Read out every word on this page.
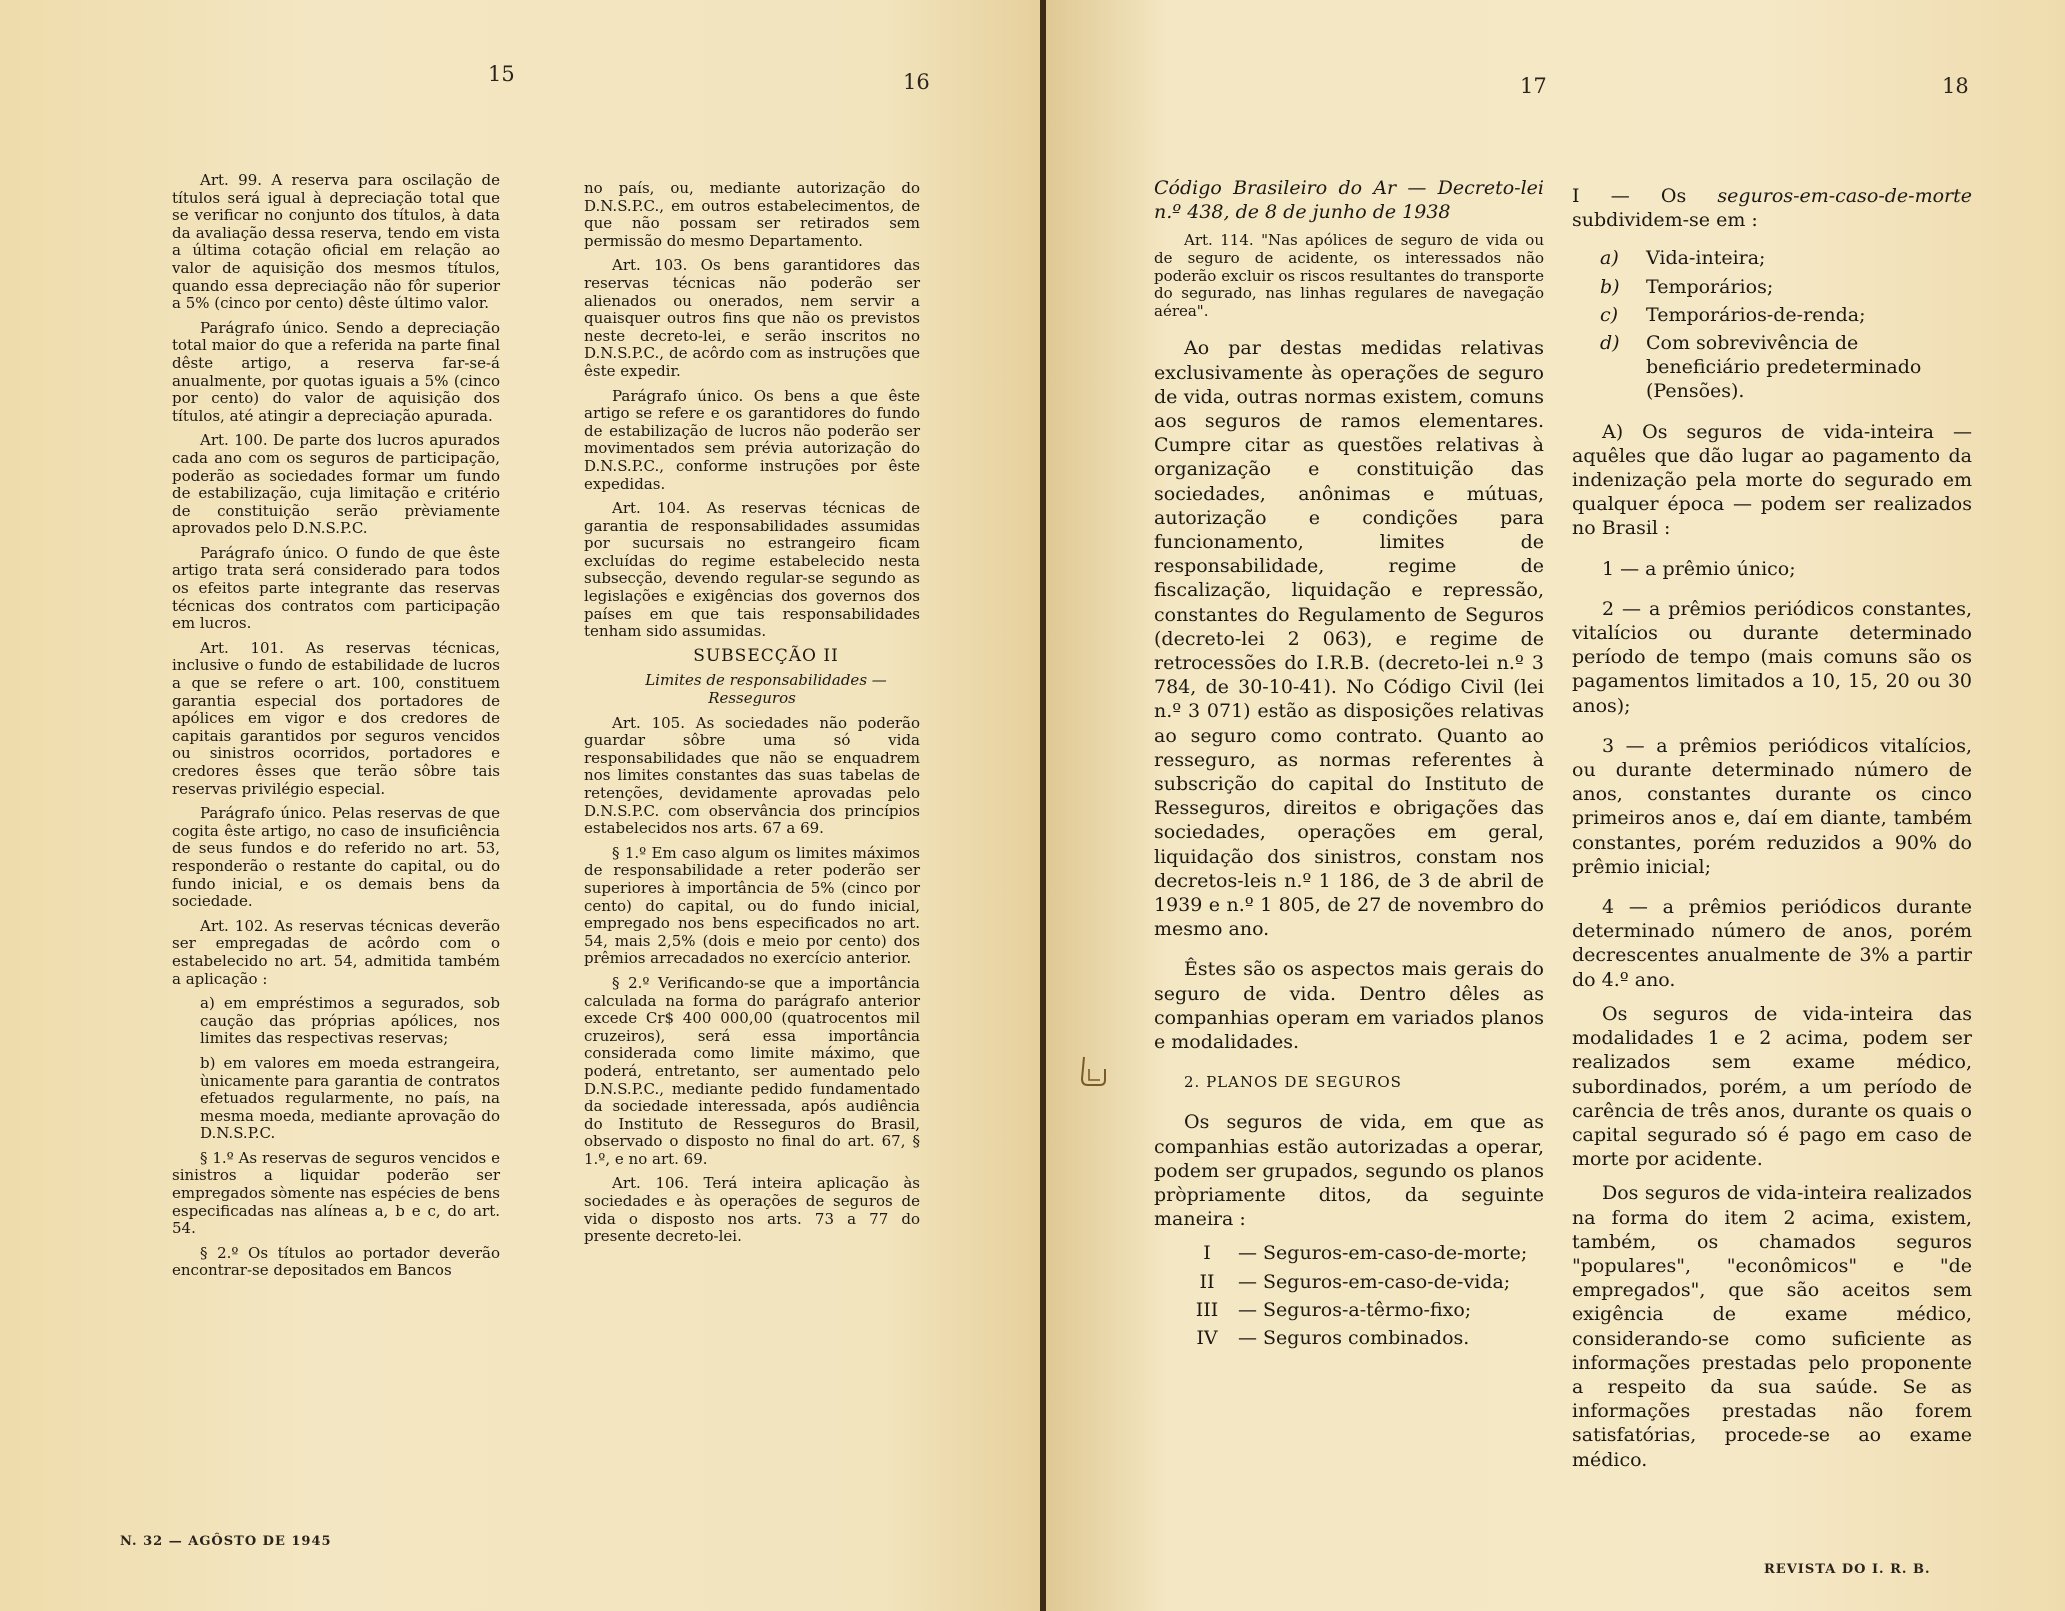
15	16

Art. 99. A reserva para oscilação de títulos será igual à depreciação total que se verificar no conjunto dos títulos, à data da avaliação dessa reserva, tendo em vista a última cotação oficial em relação ao valor de aquisição dos mesmos títulos, quando essa depreciação não fôr superior a 5% (cinco por cento) dêste último valor.

Parágrafo único. Sendo a depreciação total maior do que a referida na parte final dêste artigo, a reserva far-se-á anualmente, por quotas iguais a 5% (cinco por cento) do valor de aquisição dos títulos, até atingir a depreciação apurada.

Art. 100. De parte dos lucros apurados cada ano com os seguros de participação, poderão as sociedades formar um fundo de estabilização, cuja limitação e critério de constituição serão prèviamente aprovados pelo D.N.S.P.C.

Parágrafo único. O fundo de que êste artigo trata será considerado para todos os efeitos parte integrante das reservas técnicas dos contratos com participação em lucros.

Art. 101. As reservas técnicas, inclusive o fundo de estabilidade de lucros a que se refere o art. 100, constituem garantia especial dos portadores de apólices em vigor e dos credores de capitais garantidos por seguros vencidos ou sinistros ocorridos, portadores e credores êsses que terão sôbre tais reservas privilégio especial.

Parágrafo único. Pelas reservas de que cogita êste artigo, no caso de insuficiência de seus fundos e do referido no art. 53, responderão o restante do capital, ou do fundo inicial, e os demais bens da sociedade.

Art. 102. As reservas técnicas deverão ser empregadas de acôrdo com o estabelecido no art. 54, admitida também a aplicação :

a) em empréstimos a segurados, sob caução das próprias apólices, nos limites das respectivas reservas;

b) em valores em moeda estrangeira, ùnicamente para garantia de contratos efetuados regularmente, no país, na mesma moeda, mediante aprovação do D.N.S.P.C.

§ 1.º As reservas de seguros vencidos e sinistros a liquidar poderão ser empregados sòmente nas espécies de bens especificadas nas alíneas a, b e c, do art. 54.

§ 2.º Os títulos ao portador deverão encontrar-se depositados em Bancos

no país, ou, mediante autorização do D.N.S.P.C., em outros estabelecimentos, de que não possam ser retirados sem permissão do mesmo Departamento.

Art. 103. Os bens garantidores das reservas técnicas não poderão ser alienados ou onerados, nem servir a quaisquer outros fins que não os previstos neste decreto-lei, e serão inscritos no D.N.S.P.C., de acôrdo com as instruções que êste expedir.

Parágrafo único. Os bens a que êste artigo se refere e os garantidores do fundo de estabilização de lucros não poderão ser movimentados sem prévia autorização do D.N.S.P.C., conforme instruções por êste expedidas.

Art. 104. As reservas técnicas de garantia de responsabilidades assumidas por sucursais no estrangeiro ficam excluídas do regime estabelecido nesta subsecção, devendo regular-se segundo as legislações e exigências dos governos dos países em que tais responsabilidades tenham sido assumidas.

SUBSECÇÃO II

Limites de responsabilidades — Resseguros

Art. 105. As sociedades não poderão guardar sôbre uma só vida responsabilidades que não se enquadrem nos limites constantes das suas tabelas de retenções, devidamente aprovadas pelo D.N.S.P.C. com observância dos princípios estabelecidos nos arts. 67 a 69.

§ 1.º Em caso algum os limites máximos de responsabilidade a reter poderão ser superiores à importância de 5% (cinco por cento) do capital, ou do fundo inicial, empregado nos bens especificados no art. 54, mais 2,5% (dois e meio por cento) dos prêmios arrecadados no exercício anterior.

§ 2.º Verificando-se que a importância calculada na forma do parágrafo anterior excede Cr$ 400 000,00 (quatrocentos mil cruzeiros), será essa importância considerada como limite máximo, que poderá, entretanto, ser aumentado pelo D.N.S.P.C., mediante pedido fundamentado da sociedade interessada, após audiência do Instituto de Resseguros do Brasil, observado o disposto no final do art. 67, § 1.º, e no art. 69.

Art. 106. Terá inteira aplicação às sociedades e às operações de seguros de vida o disposto nos arts. 73 a 77 do presente decreto-lei.

N. 32 — AGÔSTO DE 1945
17	18

Código Brasileiro do Ar — Decreto-lei n.º 438, de 8 de junho de 1938

Art. 114. "Nas apólices de seguro de vida ou de seguro de acidente, os interessados não poderão excluir os riscos resultantes do transporte do segurado, nas linhas regulares de navegação aérea".

Ao par destas medidas relativas exclusivamente às operações de seguro de vida, outras normas existem, comuns aos seguros de ramos elementares. Cumpre citar as questões relativas à organização e constituição das sociedades, anônimas e mútuas, autorização e condições para funcionamento, limites de responsabilidade, regime de fiscalização, liquidação e repressão, constantes do Regulamento de Seguros (decreto-lei 2 063), e regime de retrocessões do I.R.B. (decreto-lei n.º 3 784, de 30-10-41). No Código Civil (lei n.º 3 071) estão as disposições relativas ao seguro como contrato. Quanto ao resseguro, as normas referentes à subscrição do capital do Instituto de Resseguros, direitos e obrigações das sociedades, operações em geral, liquidação dos sinistros, constam nos decretos-leis n.º 1 186, de 3 de abril de 1939 e n.º 1 805, de 27 de novembro do mesmo ano.

Êstes são os aspectos mais gerais do seguro de vida. Dentro dêles as companhias operam em variados planos e modalidades.

2. PLANOS DE SEGUROS

Os seguros de vida, em que as companhias estão autorizadas a operar, podem ser grupados, segundo os planos pròpriamente ditos, da seguinte maneira :

I	— Seguros-em-caso-de-morte;
II	— Seguros-em-caso-de-vida;
III	— Seguros-a-têrmo-fixo;
IV	— Seguros combinados.

I — Os seguros-em-caso-de-morte subdividem-se em :

a)	Vida-inteira;
b)	Temporários;
c)	Temporários-de-renda;
d)	Com sobrevivência de beneficiário predeterminado (Pensões).

A) Os seguros de vida-inteira — aquêles que dão lugar ao pagamento da indenização pela morte do segurado em qualquer época — podem ser realizados no Brasil :

1 — a prêmio único;

2 — a prêmios periódicos constantes, vitalícios ou durante determinado período de tempo (mais comuns são os pagamentos limitados a 10, 15, 20 ou 30 anos);

3 — a prêmios periódicos vitalícios, ou durante determinado número de anos, constantes durante os cinco primeiros anos e, daí em diante, também constantes, porém reduzidos a 90% do prêmio inicial;

4 — a prêmios periódicos durante determinado número de anos, porém decrescentes anualmente de 3% a partir do 4.º ano.

Os seguros de vida-inteira das modalidades 1 e 2 acima, podem ser realizados sem exame médico, subordinados, porém, a um período de carência de três anos, durante os quais o capital segurado só é pago em caso de morte por acidente.

Dos seguros de vida-inteira realizados na forma do item 2 acima, existem, também, os chamados seguros "populares", "econômicos" e "de empregados", que são aceitos sem exigência de exame médico, considerando-se como suficiente as informações prestadas pelo proponente a respeito da sua saúde. Se as informações prestadas não forem satisfatórias, procede-se ao exame médico.

REVISTA DO I. R. B.
